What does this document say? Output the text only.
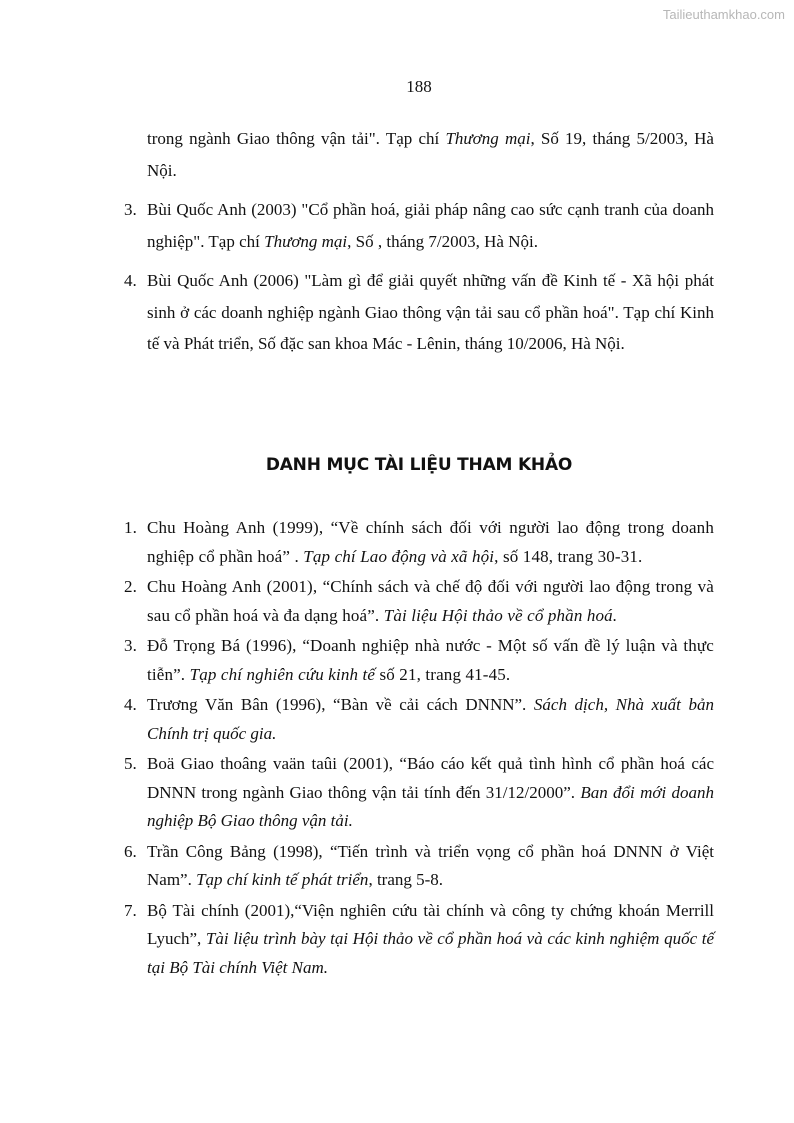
Tailieuthamkhao.com
188
trong ngành Giao thông vận tải". Tạp chí Thương mại, Số 19, tháng 5/2003, Hà Nội.
3. Bùi Quốc Anh (2003) "Cổ phần hoá, giải pháp nâng cao sức cạnh tranh của doanh nghiệp". Tạp chí Thương mại, Số , tháng 7/2003, Hà Nội.
4. Bùi Quốc Anh (2006) "Làm gì để giải quyết những vấn đề Kinh tế - Xã hội phát sinh ở các doanh nghiệp ngành Giao thông vận tải sau cổ phần hoá". Tạp chí Kinh tế và Phát triển, Số đặc san khoa Mác - Lênin, tháng 10/2006, Hà Nội.
DANH MỤC TÀI LIỆU THAM KHẢO
1. Chu Hoàng Anh (1999), “Về chính sách đối với người lao động trong doanh nghiệp cổ phần hoá” . Tạp chí Lao động và xã hội, số 148, trang 30-31.
2. Chu Hoàng Anh (2001), “Chính sách và chế độ đối với người lao động trong và sau cổ phần hoá và đa dạng hoá”. Tài liệu Hội thảo về cổ phần hoá.
3. Đỗ Trọng Bá (1996), “Doanh nghiệp nhà nước - Một số vấn đề lý luận và thực tiễn”. Tạp chí nghiên cứu kinh tế số 21, trang 41-45.
4. Trương Văn Bân (1996), “Bàn về cải cách DNNN”. Sách dịch, Nhà xuất bản Chính trị quốc gia.
5. Boä Giao thoâng vaän taûi (2001), “Báo cáo kết quả tình hình cổ phần hoá các DNNN trong ngành Giao thông vận tải tính đến 31/12/2000”. Ban đổi mới doanh nghiệp Bộ Giao thông vận tải.
6. Trần Công Bảng (1998), “Tiến trình và triển vọng cổ phần hoá DNNN ở Việt Nam”. Tạp chí kinh tế phát triển, trang 5-8.
7. Bộ Tài chính (2001),“Viện nghiên cứu tài chính và công ty chứng khoán Merrill Lyuch”, Tài liệu trình bày tại Hội thảo về cổ phần hoá và các kinh nghiệm quốc tế tại Bộ Tài chính Việt Nam.
